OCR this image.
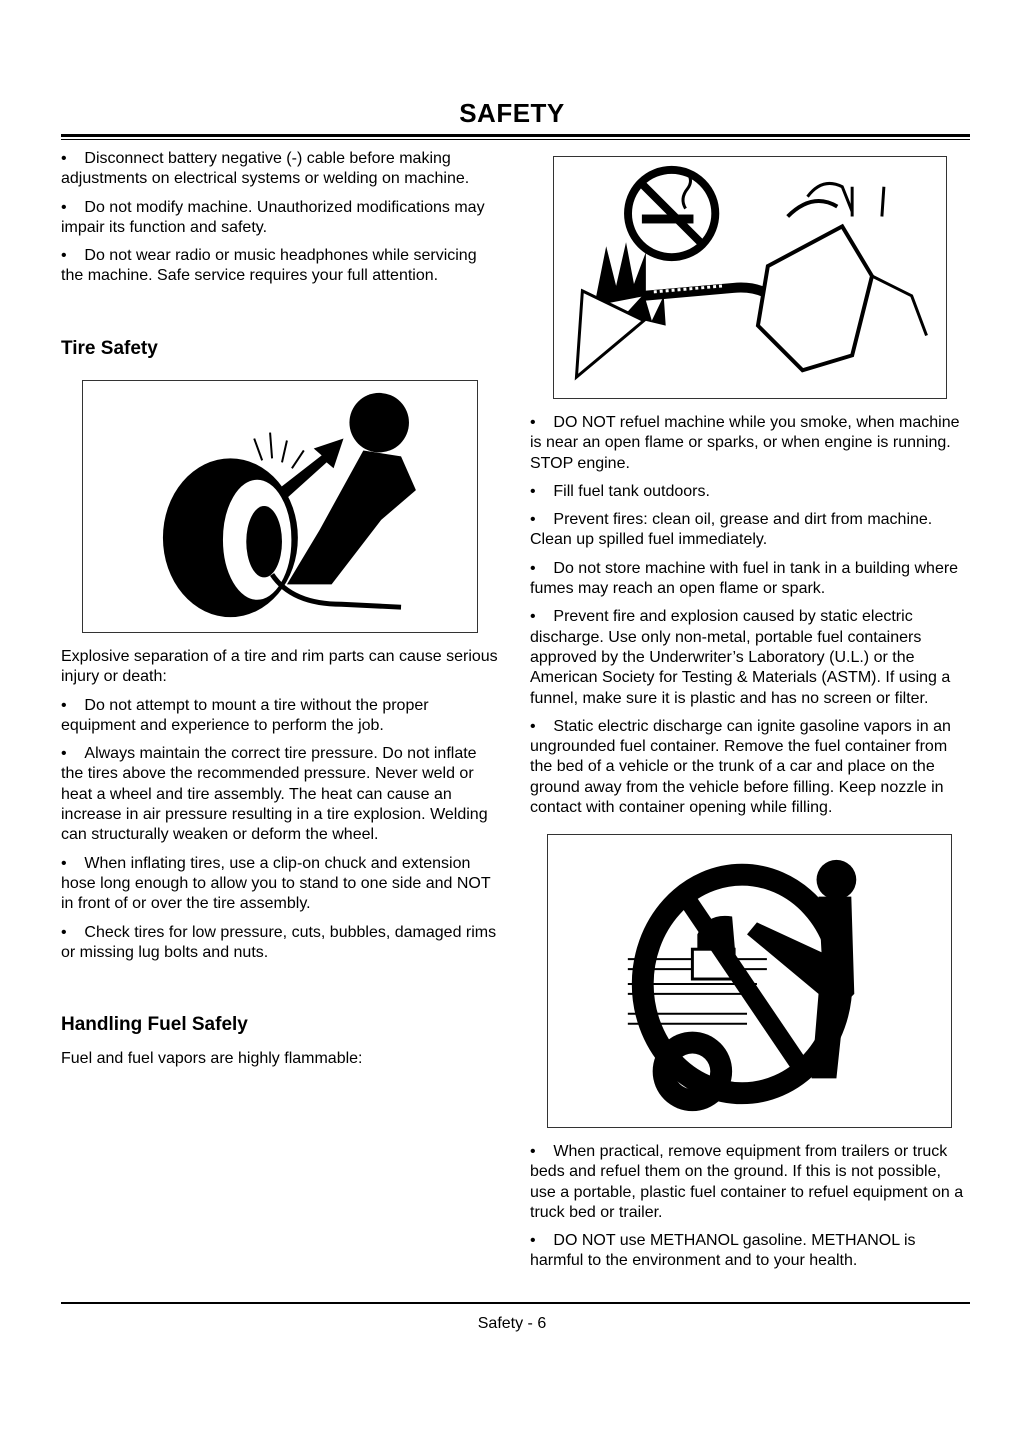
SAFETY

•    Disconnect battery negative (-) cable before making adjustments on electrical systems or welding on machine.

•    Do not modify machine. Unauthorized modifications may impair its function and safety.

•    Do not wear radio or music headphones while servicing the machine. Safe service requires your full attention.

Tire Safety

Explosive separation of a tire and rim parts can cause serious injury or death:

•    Do not attempt to mount a tire without the proper equipment and experience to perform the job.

•    Always maintain the correct tire pressure. Do not inflate the tires above the recommended pressure. Never weld or heat a wheel and tire assembly. The heat can cause an increase in air pressure resulting in a tire explosion. Welding can structurally weaken or deform the wheel.

•    When inflating tires, use a clip-on chuck and extension hose long enough to allow you to stand to one side and NOT in front of or over the tire assembly.

•    Check tires for low pressure, cuts, bubbles, damaged rims or missing lug bolts and nuts.

Handling Fuel Safely

Fuel and fuel vapors are highly flammable:

•    DO NOT refuel machine while you smoke, when machine is near an open flame or sparks, or when engine is running. STOP engine.

•    Fill fuel tank outdoors.

•    Prevent fires: clean oil, grease and dirt from machine. Clean up spilled fuel immediately.

•    Do not store machine with fuel in tank in a building where fumes may reach an open flame or spark.

•    Prevent fire and explosion caused by static electric discharge. Use only non-metal, portable fuel containers approved by the Underwriter’s Laboratory (U.L.) or the American Society for Testing & Materials (ASTM). If using a funnel, make sure it is plastic and has no screen or filter.

•    Static electric discharge can ignite gasoline vapors in an ungrounded fuel container. Remove the fuel container from the bed of a vehicle or the trunk of a car and place on the ground away from the vehicle before filling. Keep nozzle in contact with container opening while filling.

•    When practical, remove equipment from trailers or truck beds and refuel them on the ground. If this is not possible, use a portable, plastic fuel container to refuel equipment on a truck bed or trailer.

•    DO NOT use METHANOL gasoline. METHANOL is harmful to the environment and to your health.

Safety - 6
